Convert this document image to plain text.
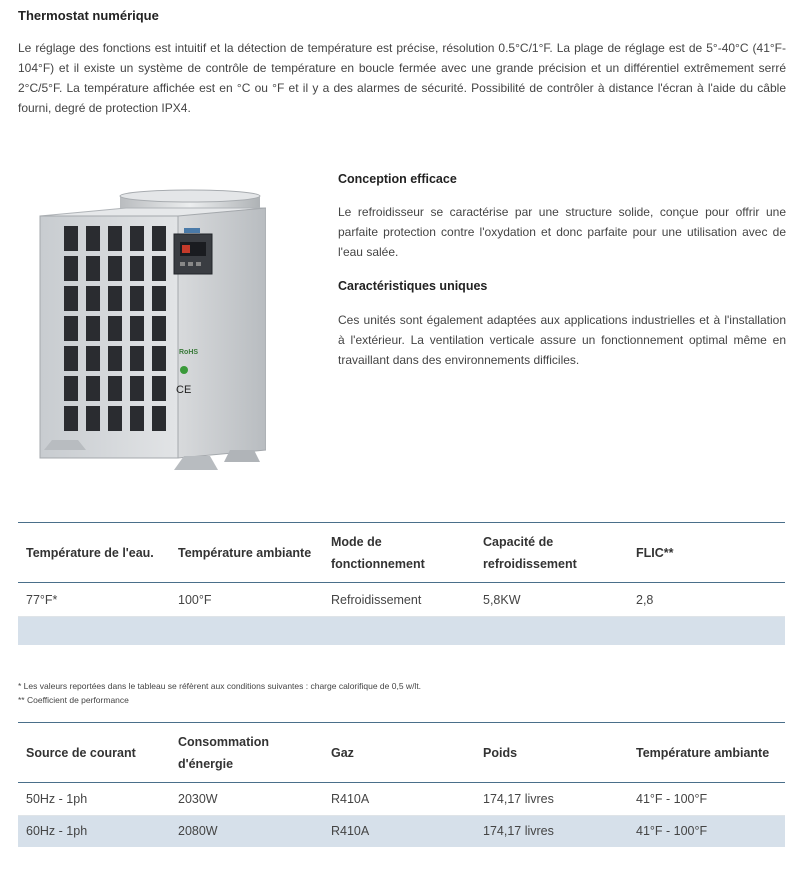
Thermostat numérique
Le réglage des fonctions est intuitif et la détection de température est précise, résolution 0.5°C/1°F. La plage de réglage est de 5°-40°C (41°F-104°F) et il existe un système de contrôle de température en boucle fermée avec une grande précision et un différentiel extrêmement serré 2°C/5°F. La température affichée est en °C ou °F et il y a des alarmes de sécurité. Possibilité de contrôler à distance l'écran à l'aide du câble fourni, degré de protection IPX4.
RoHS
CE
Conception efficace
Le refroidisseur se caractérise par une structure solide, conçue pour offrir une parfaite protection contre l'oxydation et donc parfaite pour une utilisation avec de l'eau salée.
Caractéristiques uniques
Ces unités sont également adaptées aux applications industrielles et à l'installation à l'extérieur. La ventilation verticale assure un fonctionnement optimal même en travaillant dans des environnements difficiles.
Température de l'eau.	Température ambiante	Mode de fonctionnement	Capacité de refroidissement	FLIC**
77°F*	100°F	Refroidissement	5,8KW	2,8

* Les valeurs reportées dans le tableau se réfèrent aux conditions suivantes : charge calorifique de 0,5 w/lt.
** Coefficient de performance
Source de courant	Consommation d'énergie	Gaz	Poids	Température ambiante
50Hz - 1ph	2030W	R410A	174,17 livres	41°F - 100°F
60Hz - 1ph	2080W	R410A	174,17 livres	41°F - 100°F
